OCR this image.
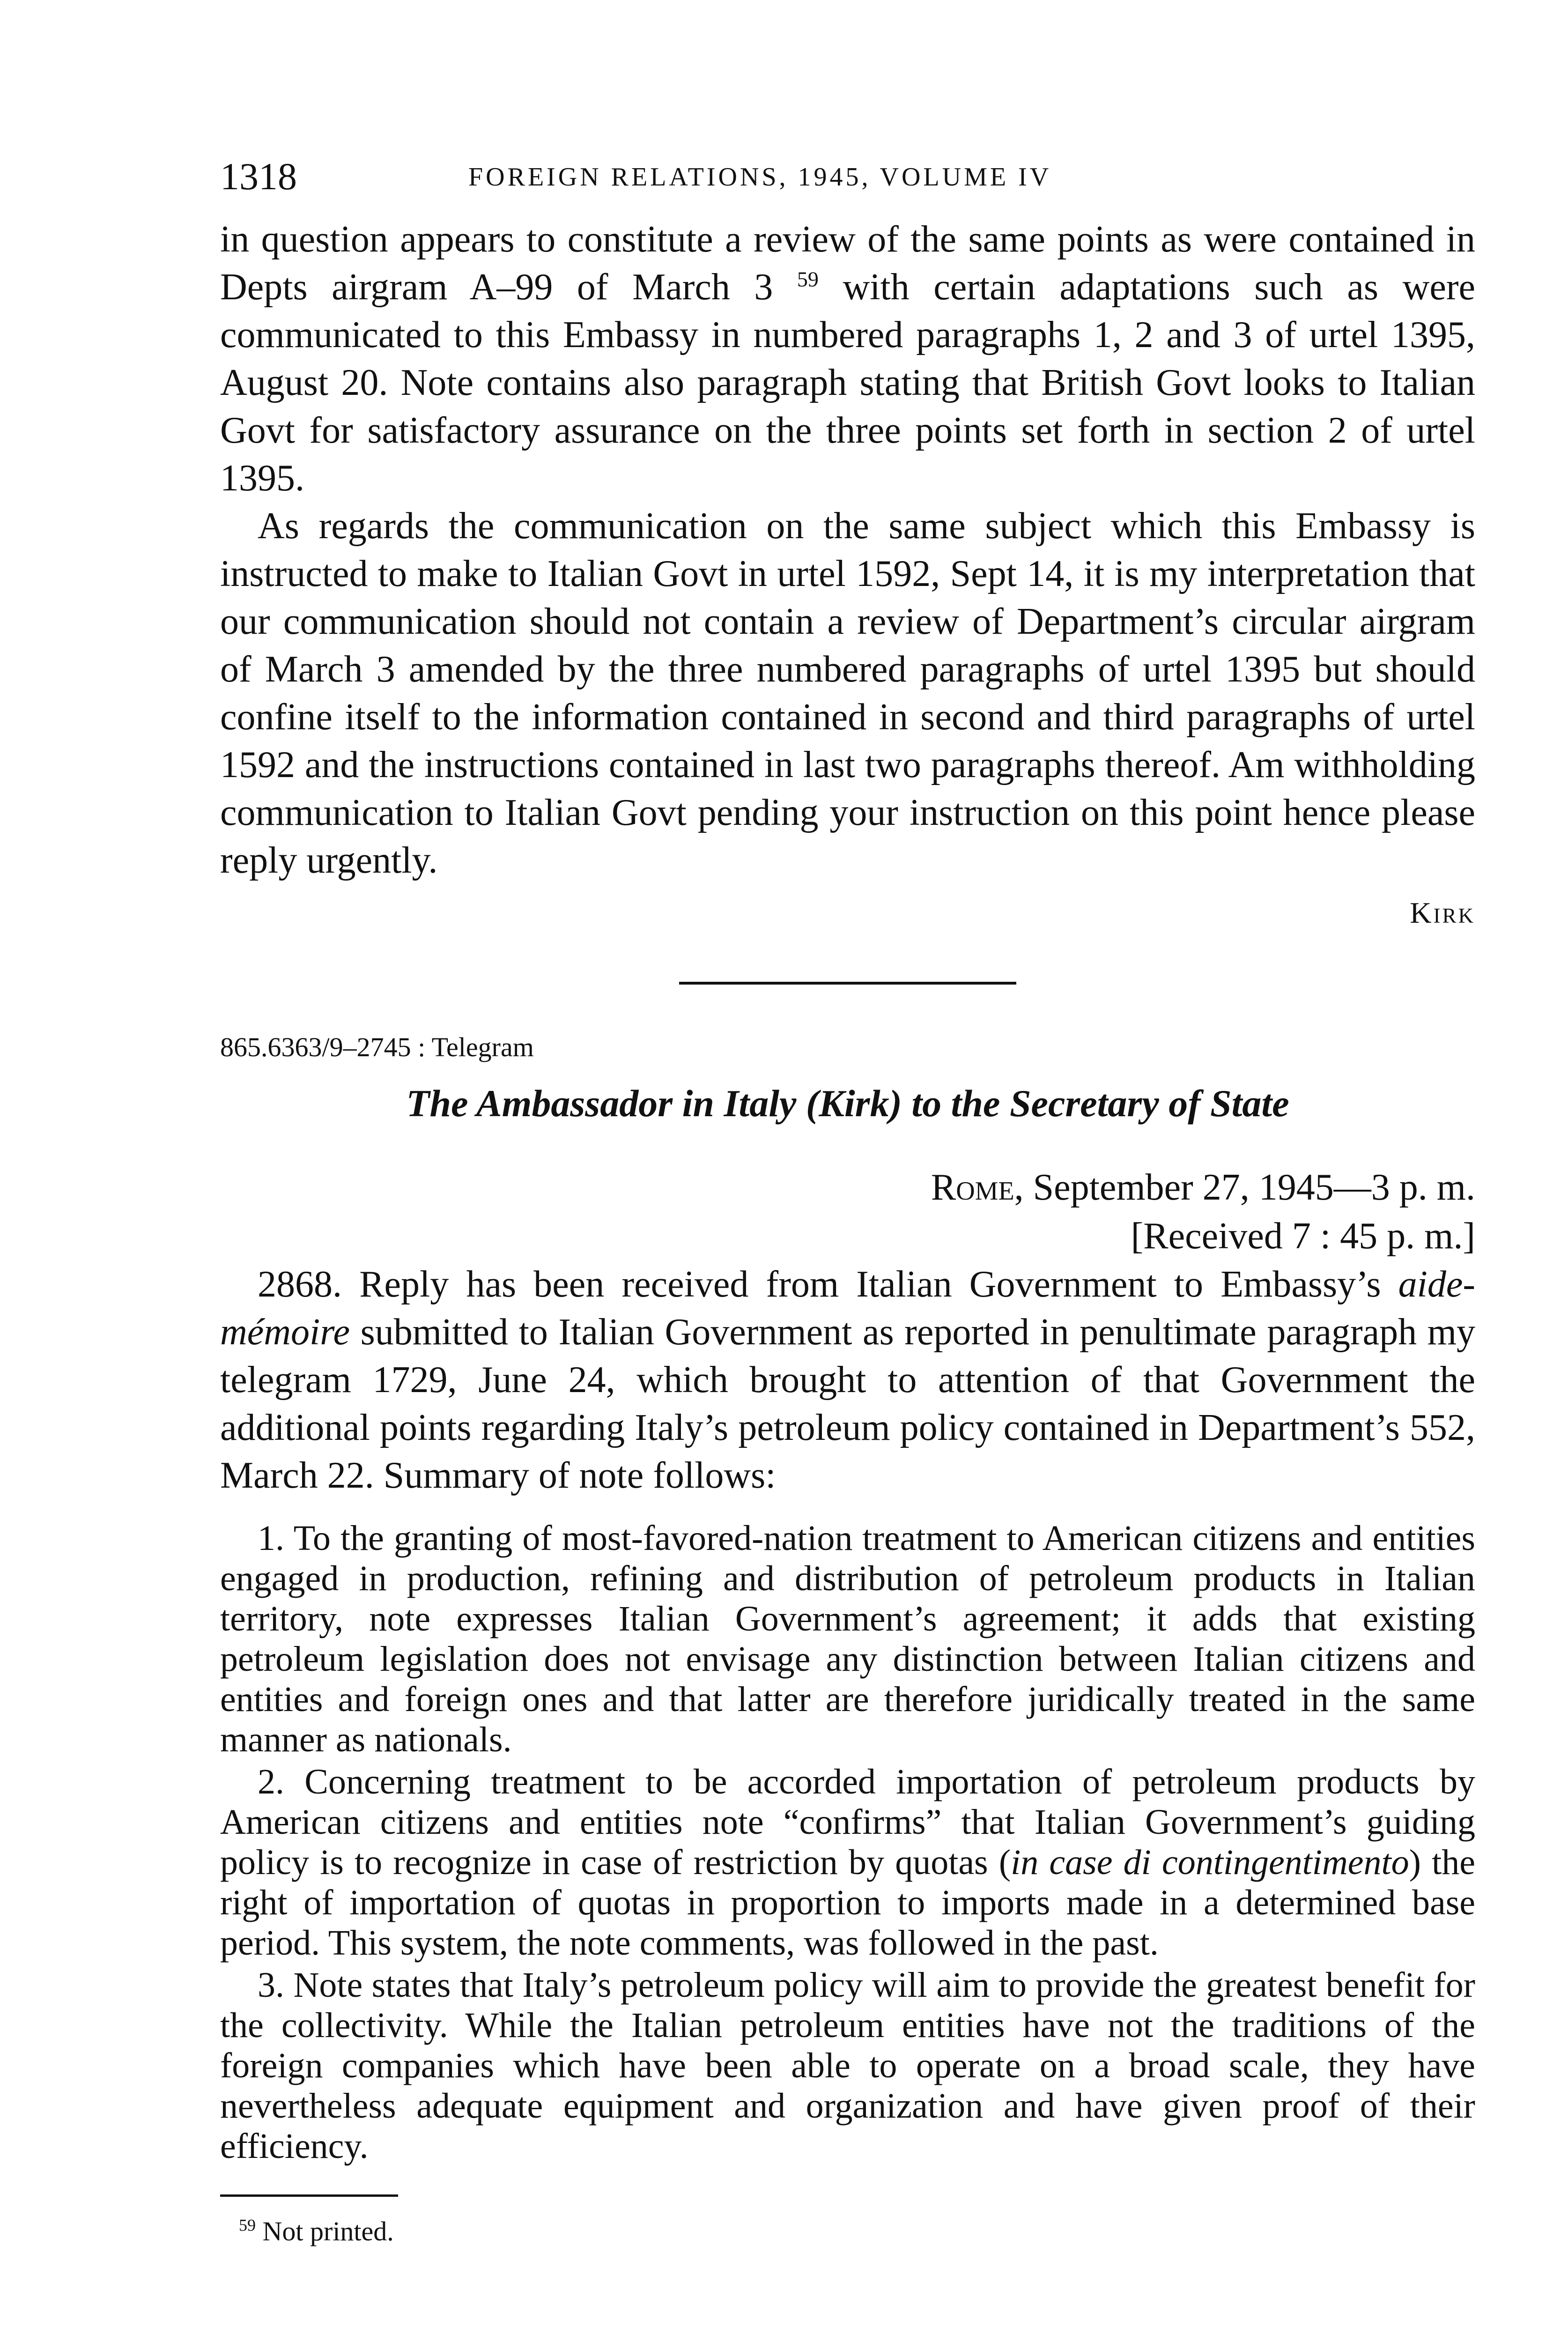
1318	FOREIGN RELATIONS, 1945, VOLUME IV

in question appears to constitute a review of the same points as were contained in Depts airgram A–99 of March 3 $^{59}$ with certain adaptations such as were communicated to this Embassy in numbered paragraphs 1, 2 and 3 of urtel 1395, August 20. Note contains also paragraph stating that British Govt looks to Italian Govt for satisfactory assurance on the three points set forth in section 2 of urtel 1395.

As regards the communication on the same subject which this Embassy is instructed to make to Italian Govt in urtel 1592, Sept 14, it is my interpretation that our communication should not contain a review of Department’s circular airgram of March 3 amended by the three numbered paragraphs of urtel 1395 but should confine itself to the information contained in second and third paragraphs of urtel 1592 and the instructions contained in last two paragraphs thereof. Am withholding communication to Italian Govt pending your instruction on this point hence please reply urgently.

Kirk
865.6363/9–2745 : Telegram
The Ambassador in Italy (Kirk) to the Secretary of State
Rome, September 27, 1945—3 p. m.
[Received 7 : 45 p. m.]

2868. Reply has been received from Italian Government to Embassy’s aide-mémoire submitted to Italian Government as reported in penultimate paragraph my telegram 1729, June 24, which brought to attention of that Government the additional points regarding Italy’s petroleum policy contained in Department’s 552, March 22. Summary of note follows:

1. To the granting of most-favored-nation treatment to American citizens and entities engaged in production, refining and distribution of petroleum products in Italian territory, note expresses Italian Government’s agreement; it adds that existing petroleum legislation does not envisage any distinction between Italian citizens and entities and foreign ones and that latter are therefore juridically treated in the same manner as nationals.

2. Concerning treatment to be accorded importation of petroleum products by American citizens and entities note “confirms” that Italian Government’s guiding policy is to recognize in case of restriction by quotas (in case di contingentimento) the right of importation of quotas in proportion to imports made in a determined base period. This system, the note comments, was followed in the past.

3. Note states that Italy’s petroleum policy will aim to provide the greatest benefit for the collectivity. While the Italian petroleum entities have not the traditions of the foreign companies which have been able to operate on a broad scale, they have nevertheless adequate equipment and organization and have given proof of their efficiency.

$^{59}$ Not printed.
